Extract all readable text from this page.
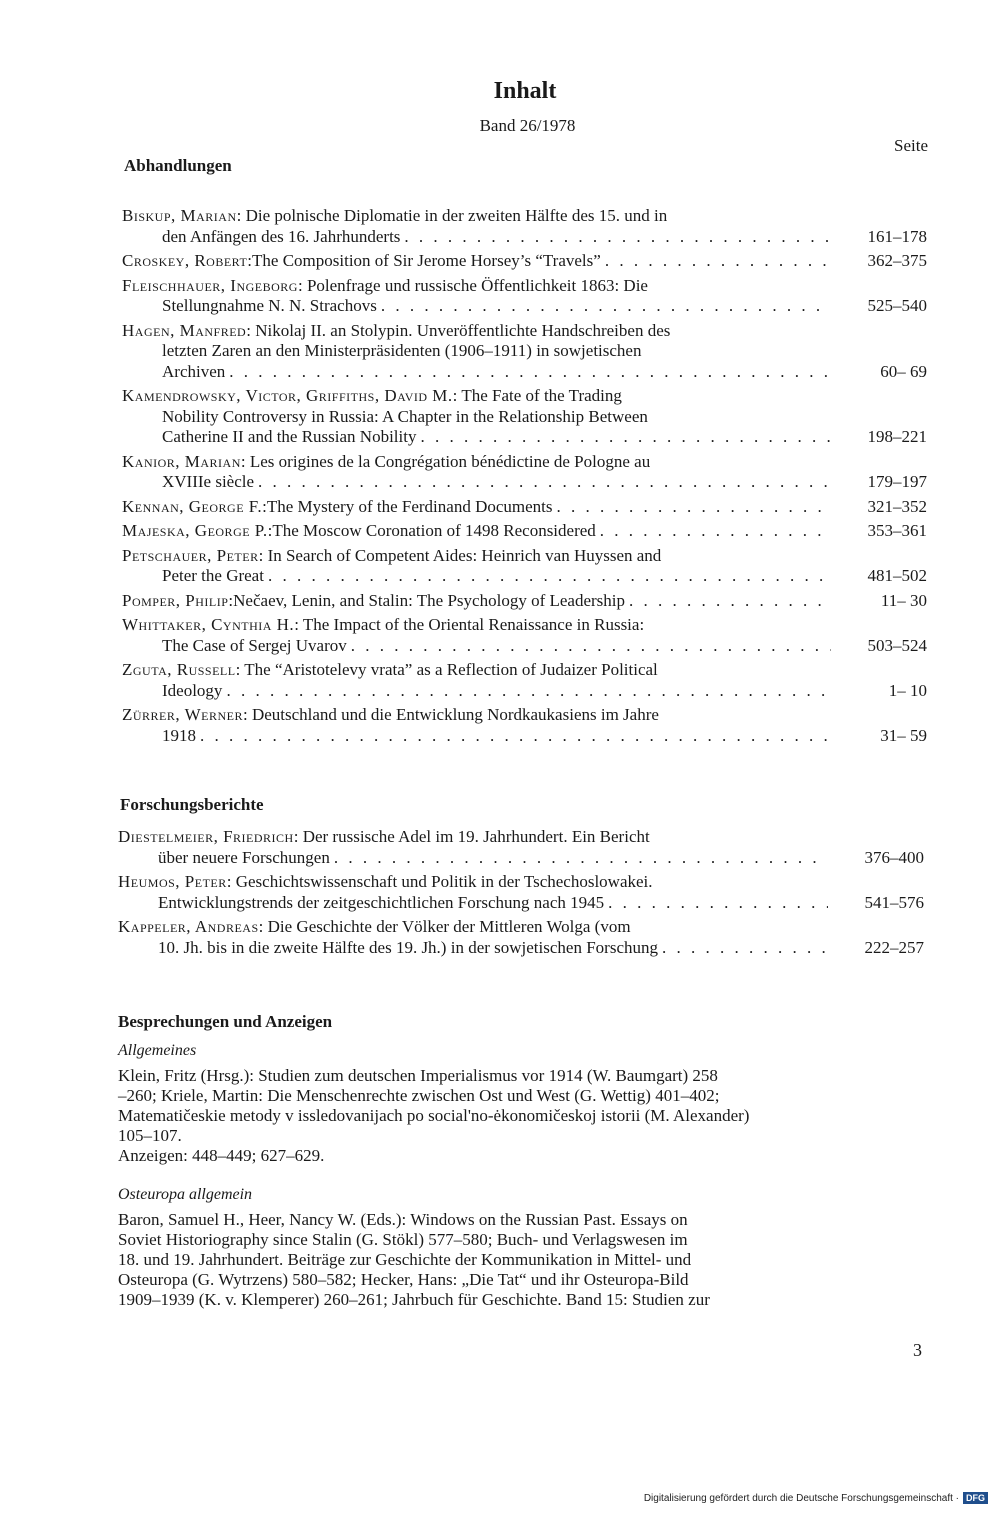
Inhalt
Band 26/1978
Seite
Abhandlungen
Biskup, Marian: Die polnische Diplomatie in der zweiten Hälfte des 15. und in
den Anfängen des 16. Jahrhunderts . . .	161–178
Croskey, Robert : The Composition of Sir Jerome Horsey’s “Travels” . . .	362–375
Fleischhauer, Ingeborg: Polenfrage und russische Öffentlichkeit 1863: Die
Stellungnahme N. N. Strachovs . . .	525–540
Hagen, Manfred: Nikolaj II. an Stolypin. Unveröffentlichte Handschreiben des
letzten Zaren an den Ministerpräsidenten (1906–1911) in sowjetischen
Archiven . . .	60– 69
Kamendrowsky, Victor, Griffiths, David M.: The Fate of the Trading
Nobility Controversy in Russia: A Chapter in the Relationship Between
Catherine II and the Russian Nobility . . .	198–221
Kanior, Marian: Les origines de la Congrégation bénédictine de Pologne au
XVIIIe siècle . . .	179–197
Kennan, George F. : The Mystery of the Ferdinand Documents . . .	321–352
Majeska, George P. : The Moscow Coronation of 1498 Reconsidered . . .	353–361
Petschauer, Peter: In Search of Competent Aides: Heinrich van Huyssen and
Peter the Great . . .	481–502
Pomper, Philip : Nečaev, Lenin, and Stalin: The Psychology of Leadership . . .	11– 30
Whittaker, Cynthia H.: The Impact of the Oriental Renaissance in Russia:
The Case of Sergej Uvarov . . .	503–524
Zguta, Russell: The “Aristotelevy vrata” as a Reflection of Judaizer Political
Ideology . . .	1– 10
Zürrer, Werner: Deutschland und die Entwicklung Nordkaukasiens im Jahre
1918 . . .	31– 59
Forschungsberichte
Diestelmeier, Friedrich: Der russische Adel im 19. Jahrhundert. Ein Bericht
über neuere Forschungen . . .	376–400
Heumos, Peter: Geschichtswissenschaft und Politik in der Tschechoslowakei.
Entwicklungstrends der zeitgeschichtlichen Forschung nach 1945 . . .	541–576
Kappeler, Andreas: Die Geschichte der Völker der Mittleren Wolga (vom
10. Jh. bis in die zweite Hälfte des 19. Jh.) in der sowjetischen Forschung . . .	222–257
Besprechungen und Anzeigen
Allgemeines
Klein, Fritz (Hrsg.): Studien zum deutschen Imperialismus vor 1914 (W. Baumgart) 258
–260; Kriele, Martin: Die Menschenrechte zwischen Ost und West (G. Wettig) 401–402;
Matematičeskie metody v issledovanijach po social'no-ėkonomičeskoj istorii (M. Alexander)
105–107.
Anzeigen: 448–449; 627–629.
Osteuropa allgemein
Baron, Samuel H., Heer, Nancy W. (Eds.): Windows on the Russian Past. Essays on
Soviet Historiography since Stalin (G. Stökl) 577–580; Buch- und Verlagswesen im
18. und 19. Jahrhundert. Beiträge zur Geschichte der Kommunikation in Mittel- und
Osteuropa (G. Wytrzens) 580–582; Hecker, Hans: „Die Tat“ und ihr Osteuropa-Bild
1909–1939 (K. v. Klemperer) 260–261; Jahrbuch für Geschichte. Band 15: Studien zur
3
Digitalisierung gefördert durch die Deutsche Forschungsgemeinschaft · DFG
